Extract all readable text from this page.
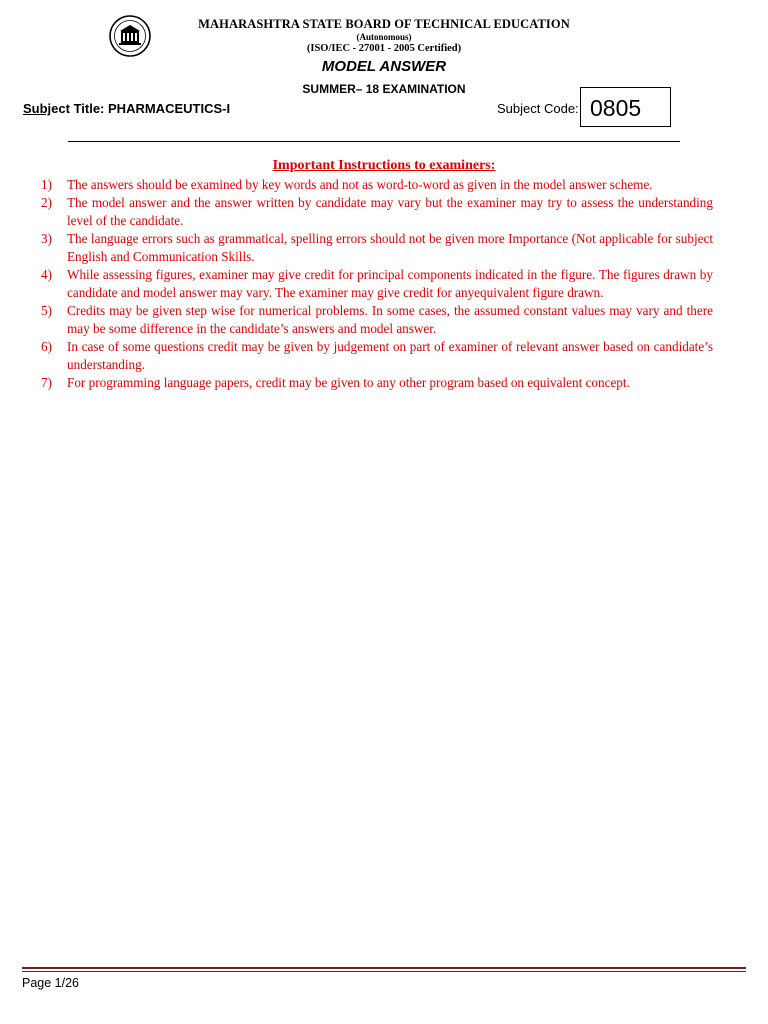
MAHARASHTRA STATE BOARD OF TECHNICAL EDUCATION
(Autonomous)
(ISO/IEC - 27001 - 2005 Certified)
MODEL ANSWER
SUMMER– 18 EXAMINATION
Subject Title: PHARMACEUTICS-I	Subject Code: 0805
Important Instructions to examiners:
1) The answers should be examined by key words and not as word-to-word as given in the model answer scheme.
2) The model answer and the answer written by candidate may vary but the examiner may try to assess the understanding level of the candidate.
3) The language errors such as grammatical, spelling errors should not be given more Importance (Not applicable for subject English and Communication Skills.
4) While assessing figures, examiner may give credit for principal components indicated in the figure. The figures drawn by candidate and model answer may vary. The examiner may give credit for anyequivalent figure drawn.
5) Credits may be given step wise for numerical problems. In some cases, the assumed constant values may vary and there may be some difference in the candidate’s answers and model answer.
6) In case of some questions credit may be given by judgement on part of examiner of relevant answer based on candidate’s understanding.
7) For programming language papers, credit may be given to any other program based on equivalent concept.
Page 1/26
